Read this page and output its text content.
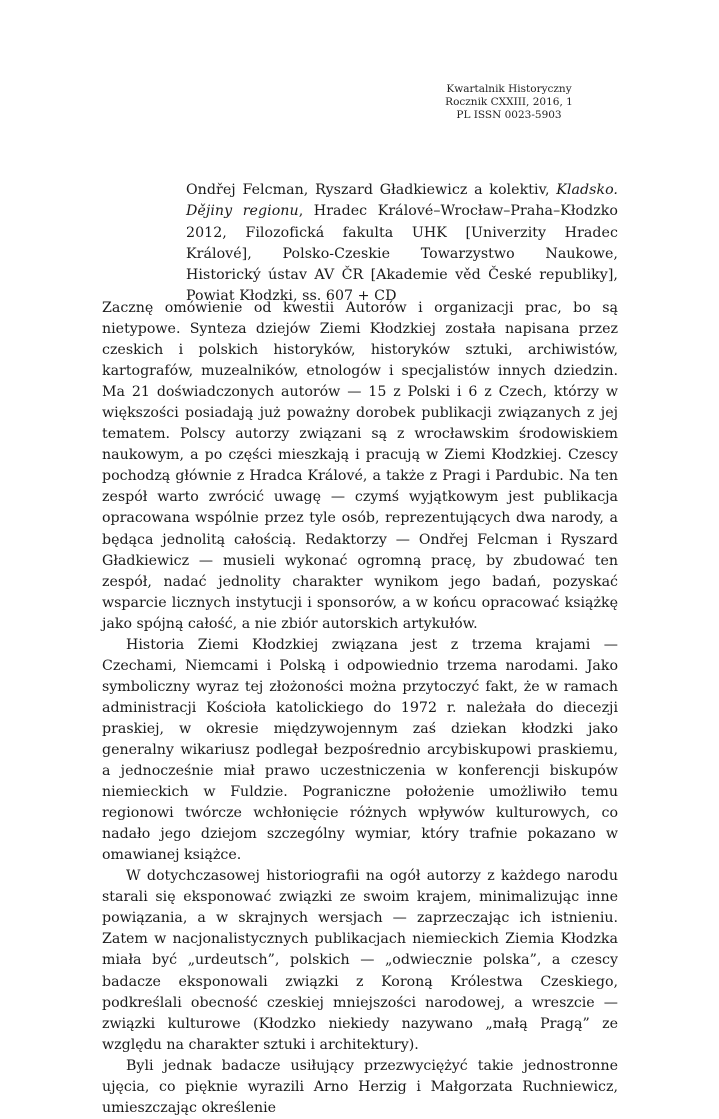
Kwartalnik Historyczny
Rocznik CXXIII, 2016, 1
PL ISSN 0023-5903
Ondřej Felcman, Ryszard Gładkiewicz a kolektiv, Kladsko. Dějiny regionu, Hradec Králové–Wrocław–Praha–Kłodzko 2012, Filozofická fakulta UHK [Univerzity Hradec Králové], Polsko-Czeskie Towarzystwo Naukowe, Historický ústav AV ČR [Akademie věd České republiky], Powiat Kłodzki, ss. 607 + CD

Zacznę omówienie od kwestii Autorów i organizacji prac, bo są nietypowe. Synteza dziejów Ziemi Kłodzkiej została napisana przez czeskich i polskich historyków, historyków sztuki, archiwistów, kartografów, muzealników, etnologów i specjalistów innych dziedzin. Ma 21 doświadczonych autorów — 15 z Polski i 6 z Czech, którzy w większości posiadają już poważny dorobek publikacji związanych z jej tematem. Polscy autorzy związani są z wrocławskim środowiskiem naukowym, a po części mieszkają i pracują w Ziemi Kłodzkiej. Czescy pochodzą głównie z Hradca Králové, a także z Pragi i Pardubic. Na ten zespół warto zwrócić uwagę — czymś wyjątkowym jest publikacja opracowana wspólnie przez tyle osób, reprezentujących dwa narody, a będąca jednolitą całością. Redaktorzy — Ondřej Felcman i Ryszard Gładkiewicz — musieli wykonać ogromną pracę, by zbudować ten zespół, nadać jednolity charakter wynikom jego badań, pozyskać wsparcie licznych instytucji i sponsorów, a w końcu opracować książkę jako spójną całość, a nie zbiór autorskich artykułów.

Historia Ziemi Kłodzkiej związana jest z trzema krajami — Czechami, Niemcami i Polską i odpowiednio trzema narodami. Jako symboliczny wyraz tej złożoności można przytoczyć fakt, że w ramach administracji Kościoła katolickiego do 1972 r. należała do diecezji praskiej, w okresie międzywojennym zaś dziekan kłodzki jako generalny wikariusz podlegał bezpośrednio arcybiskupowi praskiemu, a jednocześnie miał prawo uczestniczenia w konferencji biskupów niemieckich w Fuldzie. Pograniczne położenie umożliwiło temu regionowi twórcze wchłonięcie różnych wpływów kulturowych, co nadało jego dziejom szczególny wymiar, który trafnie pokazano w omawianej książce.

W dotychczasowej historiografii na ogół autorzy z każdego narodu starali się eksponować związki ze swoim krajem, minimalizując inne powiązania, a w skrajnych wersjach — zaprzeczając ich istnieniu. Zatem w nacjonalistycznych publikacjach niemieckich Ziemia Kłodzka miała być „urdeutsch”, polskich — „odwiecznie polska”, a czescy badacze eksponowali związki z Koroną Królestwa Czeskiego, podkreślali obecność czeskiej mniejszości narodowej, a wreszcie — związki kulturowe (Kłodzko niekiedy nazywano „małą Pragą” ze względu na charakter sztuki i architektury).

Byli jednak badacze usiłujący przezwyciężyć takie jednostronne ujęcia, co pięknie wyrazili Arno Herzig i Małgorzata Ruchniewicz, umieszczając określenie
